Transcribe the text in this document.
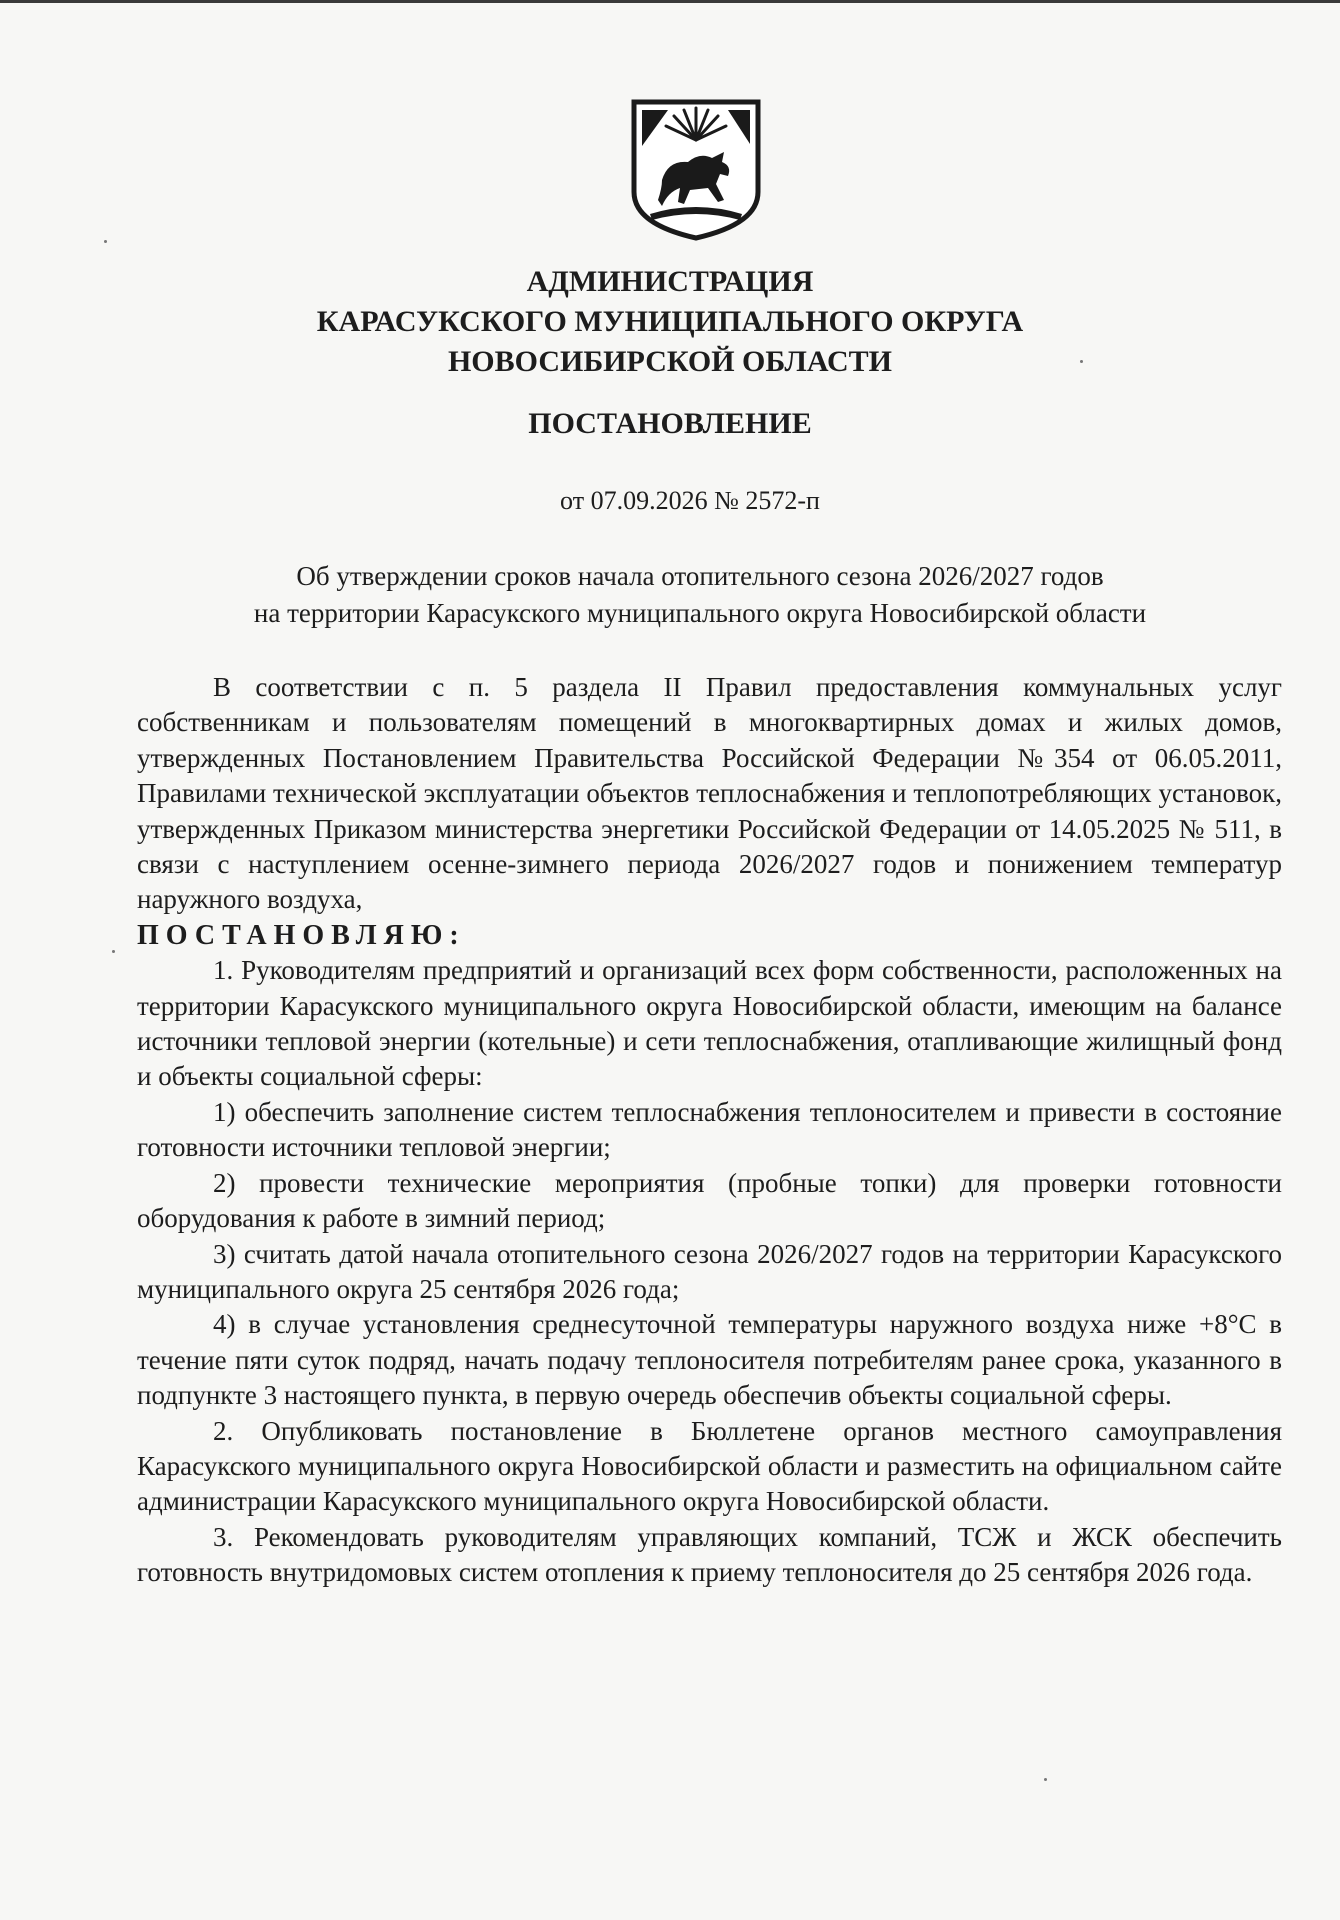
АДМИНИСТРАЦИЯ
КАРАСУКСКОГО МУНИЦИПАЛЬНОГО ОКРУГА
НОВОСИБИРСКОЙ ОБЛАСТИ
ПОСТАНОВЛЕНИЕ
от 07.09.2026 № 2572-п
Об утверждении сроков начала отопительного сезона 2026/2027 годов
на территории Карасукского муниципального округа Новосибирской области

В соответствии с п. 5 раздела II Правил предоставления коммунальных услуг собственникам и пользователям помещений в многоквартирных домах и жилых домов, утвержденных Постановлением Правительства Российской Федерации №354 от 06.05.2011, Правилами технической эксплуатации объектов теплоснабжения и теплопотребляющих установок, утвержденных Приказом министерства энергетики Российской Федерации от 14.05.2025 № 511, в связи с наступлением осенне-зимнего периода 2026/2027 годов и понижением температур наружного воздуха,

ПОСТАНОВЛЯЮ:

1. Руководителям предприятий и организаций всех форм собственности, расположенных на территории Карасукского муниципального округа Новосибирской области, имеющим на балансе источники тепловой энергии (котельные) и сети теплоснабжения, отапливающие жилищный фонд и объекты социальной сферы:

1) обеспечить заполнение систем теплоснабжения теплоносителем и привести в состояние готовности источники тепловой энергии;

2) провести технические мероприятия (пробные топки) для проверки готовности оборудования к работе в зимний период;

3) считать датой начала отопительного сезона 2026/2027 годов на территории Карасукского муниципального округа 25 сентября 2026 года;

4) в случае установления среднесуточной температуры наружного воздуха ниже +8°С в течение пяти суток подряд, начать подачу теплоносителя потребителям ранее срока, указанного в подпункте 3 настоящего пункта, в первую очередь обеспечив объекты социальной сферы.

2. Опубликовать постановление в Бюллетене органов местного самоуправления Карасукского муниципального округа Новосибирской области и разместить на официальном сайте администрации Карасукского муниципального округа Новосибирской области.

3. Рекомендовать руководителям управляющих компаний, ТСЖ и ЖСК обеспечить готовность внутридомовых систем отопления к приему теплоносителя до 25 сентября 2026 года.
